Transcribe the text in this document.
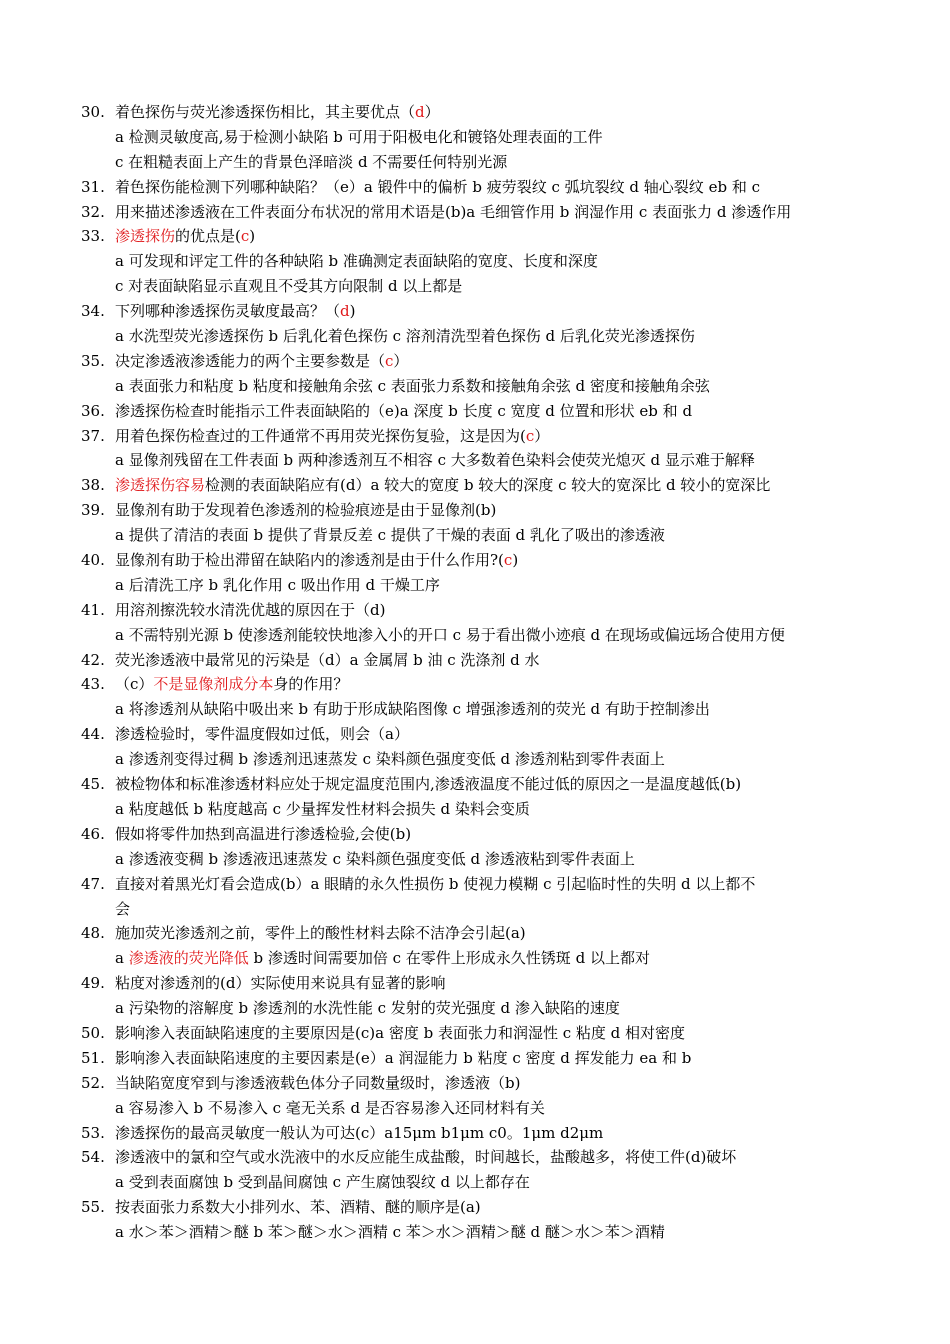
30. 着色探伤与荧光渗透探伤相比，其主要优点（d）
a 检测灵敏度高,易于检测小缺陷 b 可用于阳极电化和镀铬处理表面的工件
c 在粗糙表面上产生的背景色泽暗淡 d 不需要任何特别光源
31. 着色探伤能检测下列哪种缺陷？（e）a 锻件中的偏析 b 疲劳裂纹 c 弧坑裂纹 d 轴心裂纹 eb 和 c
32. 用来描述渗透液在工件表面分布状况的常用术语是(b)a 毛细管作用 b 润湿作用 c 表面张力 d 渗透作用
33. 渗透探伤的优点是(c)
a 可发现和评定工件的各种缺陷 b 准确测定表面缺陷的宽度、长度和深度
c 对表面缺陷显示直观且不受其方向限制 d 以上都是
34. 下列哪种渗透探伤灵敏度最高？（d)
a 水洗型荧光渗透探伤 b 后乳化着色探伤 c 溶剂清洗型着色探伤 d 后乳化荧光渗透探伤
35. 决定渗透液渗透能力的两个主要参数是（c）
a 表面张力和粘度 b 粘度和接触角余弦 c 表面张力系数和接触角余弦 d 密度和接触角余弦
36. 渗透探伤检查时能指示工件表面缺陷的（e)a 深度 b 长度 c 宽度 d 位置和形状 eb 和 d
37. 用着色探伤检查过的工件通常不再用荧光探伤复验，这是因为(c）
a 显像剂残留在工件表面 b 两种渗透剂互不相容 c 大多数着色染料会使荧光熄灭 d 显示难于解释
38. 渗透探伤容易检测的表面缺陷应有(d）a 较大的宽度 b 较大的深度 c 较大的宽深比 d 较小的宽深比
39. 显像剂有助于发现着色渗透剂的检验痕迹是由于显像剂(b)
a 提供了清洁的表面 b 提供了背景反差 c 提供了干燥的表面 d 乳化了吸出的渗透液
40. 显像剂有助于检出滞留在缺陷内的渗透剂是由于什么作用?(c)
a 后清洗工序 b 乳化作用 c 吸出作用 d 干燥工序
41. 用溶剂擦洗较水清洗优越的原因在于（d)
a 不需特别光源 b 使渗透剂能较快地渗入小的开口 c 易于看出微小迹痕 d 在现场或偏远场合使用方便
42. 荧光渗透液中最常见的污染是（d）a 金属屑 b 油 c 洗涤剂 d 水
43. （c）不是显像剂成分本身的作用？
a 将渗透剂从缺陷中吸出来 b 有助于形成缺陷图像 c 增强渗透剂的荧光 d 有助于控制渗出
44. 渗透检验时，零件温度假如过低，则会（a）
a 渗透剂变得过稠 b 渗透剂迅速蒸发 c 染料颜色强度变低 d 渗透剂粘到零件表面上
45. 被检物体和标准渗透材料应处于规定温度范围内,渗透液温度不能过低的原因之一是温度越低(b)
a 粘度越低 b 粘度越高 c 少量挥发性材料会损失 d 染料会变质
46. 假如将零件加热到高温进行渗透检验,会使(b)
a 渗透液变稠 b 渗透液迅速蒸发 c 染料颜色强度变低 d 渗透液粘到零件表面上
47. 直接对着黑光灯看会造成(b）a 眼睛的永久性损伤 b 使视力模糊 c 引起临时性的失明 d 以上都不
会
48. 施加荧光渗透剂之前，零件上的酸性材料去除不洁净会引起(a)
a 渗透液的荧光降低 b 渗透时间需要加倍 c 在零件上形成永久性锈斑 d 以上都对
49. 粘度对渗透剂的(d）实际使用来说具有显著的影响
a 污染物的溶解度 b 渗透剂的水洗性能 c 发射的荧光强度 d 渗入缺陷的速度
50. 影响渗入表面缺陷速度的主要原因是(c)a 密度 b 表面张力和润湿性 c 粘度 d 相对密度
51. 影响渗入表面缺陷速度的主要因素是(e）a 润湿能力 b 粘度 c 密度 d 挥发能力 ea 和 b
52. 当缺陷宽度窄到与渗透液载色体分子同数量级时，渗透液（b)
a 容易渗入 b 不易渗入 c 毫无关系 d 是否容易渗入还同材料有关
53. 渗透探伤的最高灵敏度一般认为可达(c）a15μm b1μm c0。1μm d2μm
54. 渗透液中的氯和空气或水洗液中的水反应能生成盐酸，时间越长，盐酸越多，将使工件(d)破坏
a 受到表面腐蚀 b 受到晶间腐蚀 c 产生腐蚀裂纹 d 以上都存在
55. 按表面张力系数大小排列水、苯、酒精、醚的顺序是(a)
a 水＞苯＞酒精＞醚 b 苯＞醚＞水＞酒精 c 苯＞水＞酒精＞醚 d 醚＞水＞苯＞酒精
